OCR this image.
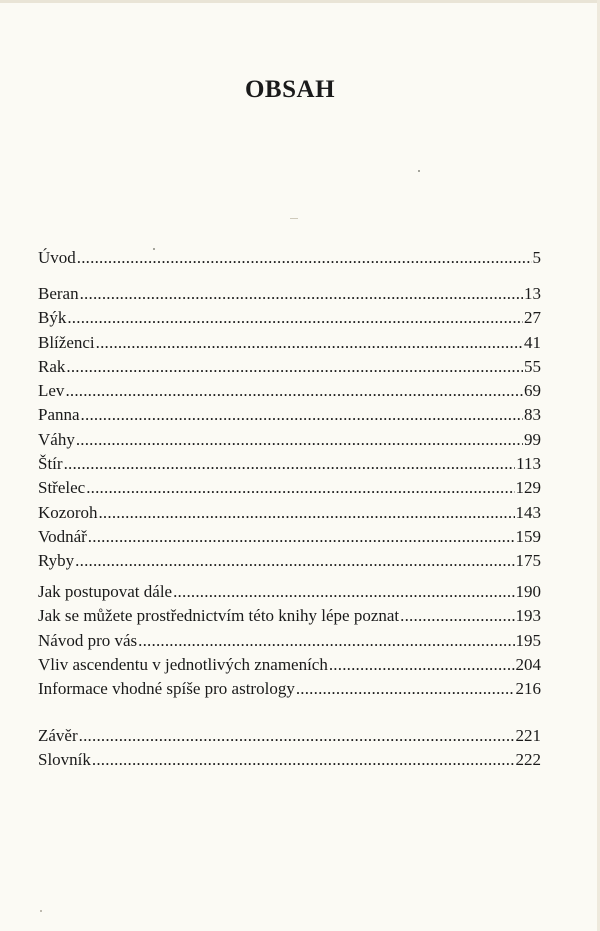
OBSAH
Úvod .....	5
Beran .....	13
Býk .....	27
Blíženci .....	41
Rak .....	55
Lev .....	69
Panna .....	83
Váhy .....	99
Štír .....	113
Střelec .....	129
Kozoroh .....	143
Vodnář .....	159
Ryby .....	175
Jak postupovat dále .....	190
Jak se můžete prostřednictvím této knihy lépe poznat .....	193
Návod pro vás .....	195
Vliv ascendentu v jednotlivých znameních .....	204
Informace vhodné spíše pro astrology .....	216
Závěr .....	221
Slovník .....	222
